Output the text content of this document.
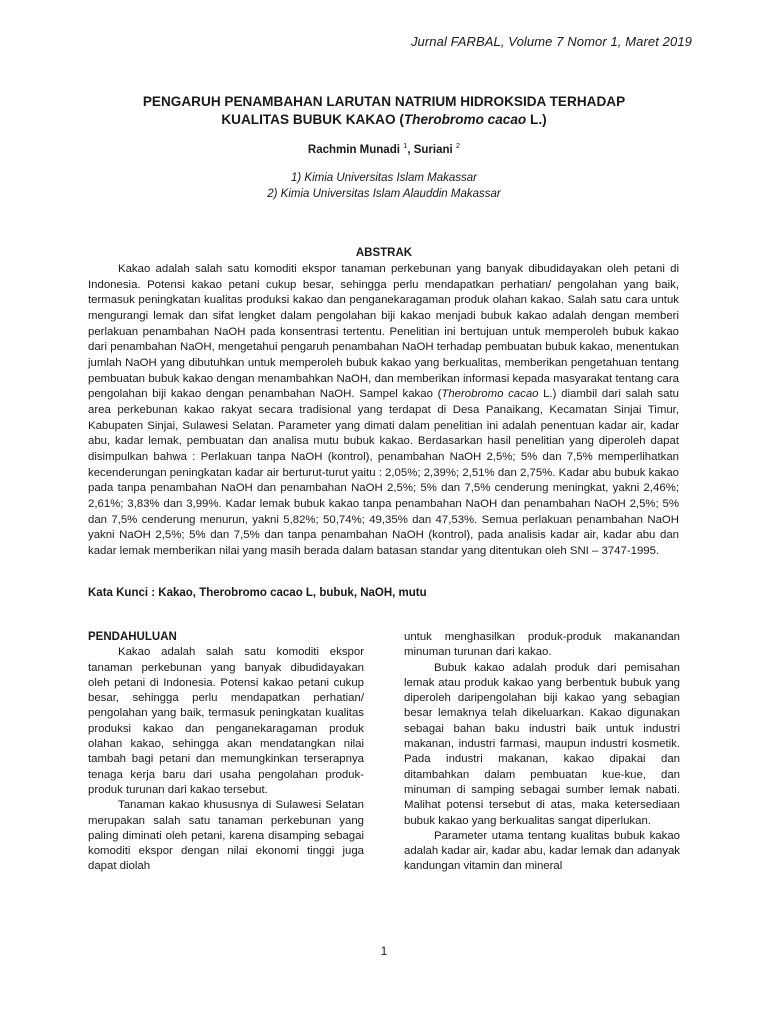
Jurnal FARBAL, Volume 7 Nomor 1, Maret 2019
PENGARUH PENAMBAHAN LARUTAN NATRIUM HIDROKSIDA TERHADAP
KUALITAS BUBUK KAKAO (Therobromo cacao L.)
Rachmin Munadi $^1$, Suriani $^2$
1) Kimia Universitas Islam Makassar
2) Kimia Universitas Islam Alauddin Makassar
ABSTRAK

Kakao adalah salah satu komoditi ekspor tanaman perkebunan yang banyak dibudidayakan oleh petani di Indonesia. Potensi kakao petani cukup besar, sehingga perlu mendapatkan perhatian/ pengolahan yang baik, termasuk peningkatan kualitas produksi kakao dan penganekaragaman produk olahan kakao. Salah satu cara untuk mengurangi lemak dan sifat lengket dalam pengolahan biji kakao menjadi bubuk kakao adalah dengan memberi perlakuan penambahan NaOH pada konsentrasi tertentu. Penelitian ini bertujuan untuk memperoleh bubuk kakao dari penambahan NaOH, mengetahui pengaruh penambahan NaOH terhadap pembuatan bubuk kakao, menentukan jumlah NaOH yang dibutuhkan untuk memperoleh bubuk kakao yang berkualitas, memberikan pengetahuan tentang pembuatan bubuk kakao dengan menambahkan NaOH, dan memberikan informasi kepada masyarakat tentang cara pengolahan biji kakao dengan penambahan NaOH. Sampel kakao (Therobromo cacao L.) diambil dari salah satu area perkebunan kakao rakyat secara tradisional yang terdapat di Desa Panaikang, Kecamatan Sinjai Timur, Kabupaten Sinjai, Sulawesi Selatan. Parameter yang dimati dalam penelitian ini adalah penentuan kadar air, kadar abu, kadar lemak, pembuatan dan analisa mutu bubuk kakao. Berdasarkan hasil penelitian yang diperoleh dapat disimpulkan bahwa : Perlakuan tanpa NaOH (kontrol), penambahan NaOH 2,5%; 5% dan 7,5% memperlihatkan kecenderungan peningkatan kadar air berturut-turut yaitu : 2,05%; 2,39%; 2,51% dan 2,75%. Kadar abu bubuk kakao pada tanpa penambahan NaOH dan penambahan NaOH 2,5%; 5% dan 7,5% cenderung meningkat, yakni 2,46%; 2,61%; 3,83% dan 3,99%. Kadar lemak bubuk kakao tanpa penambahan NaOH dan penambahan NaOH 2,5%; 5% dan 7,5% cenderung menurun, yakni 5,82%; 50,74%; 49,35% dan 47,53%. Semua perlakuan penambahan NaOH yakni NaOH 2,5%; 5% dan 7,5% dan tanpa penambahan NaOH (kontrol), pada analisis kadar air, kadar abu dan kadar lemak memberikan nilai yang masih berada dalam batasan standar yang ditentukan oleh SNI – 3747-1995.

Kata Kunci : Kakao, Therobromo cacao L, bubuk, NaOH, mutu
PENDAHULUAN

Kakao adalah salah satu komoditi ekspor tanaman perkebunan yang banyak dibudidayakan oleh petani di Indonesia. Potensi kakao petani cukup besar, sehingga perlu mendapatkan perhatian/ pengolahan yang baik, termasuk peningkatan kualitas produksi kakao dan penganekaragaman produk olahan kakao, sehingga akan mendatangkan nilai tambah bagi petani dan memungkinkan terserapnya tenaga kerja baru dari usaha pengolahan produk-produk turunan dari kakao tersebut.

Tanaman kakao khususnya di Sulawesi Selatan merupakan salah satu tanaman perkebunan yang paling diminati oleh petani, karena disamping sebagai komoditi ekspor dengan nilai ekonomi tinggi juga dapat diolah

untuk menghasilkan produk-produk makanandan minuman turunan dari kakao.

Bubuk kakao adalah produk dari pemisahan lemak atau produk kakao yang berbentuk bubuk yang diperoleh daripengolahan biji kakao yang sebagian besar lemaknya telah dikeluarkan. Kakao digunakan sebagai bahan baku industri baik untuk industri makanan, industri farmasi, maupun industri kosmetik. Pada industri makanan, kakao dipakai dan ditambahkan dalam pembuatan kue-kue, dan minuman di samping sebagai sumber lemak nabati. Malihat potensi tersebut di atas, maka ketersediaan bubuk kakao yang berkualitas sangat diperlukan.

Parameter utama tentang kualitas bubuk kakao adalah kadar air, kadar abu, kadar lemak dan adanyak kandungan vitamin dan mineral

1
